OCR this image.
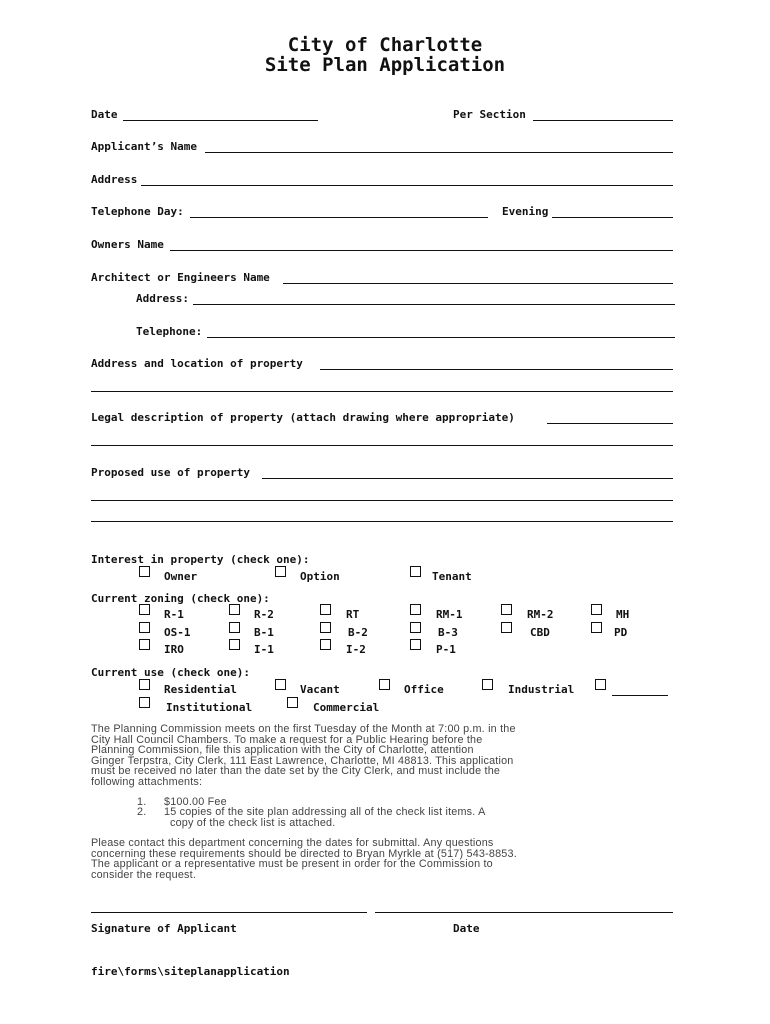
City of Charlotte
Site Plan Application
Date	Per Section
Applicant’s Name
Address
Telephone Day:	Evening
Owners Name
Architect or Engineers Name
Address:
Telephone:
Address and location of property
Legal description of property (attach drawing where appropriate)
Proposed use of property
Interest in property (check one):
Owner	Option	Tenant
Current zoning (check one):
R-1	R-2	RT	RM-1	RM-2	MH
OS-1	B-1	B-2	B-3	CBD	PD
IRO	I-1	I-2	P-1
Current use (check one):
Residential	Vacant	Office	Industrial
Institutional	Commercial
The Planning Commission meets on the first Tuesday of the Month at 7:00 p.m. in the
City Hall Council Chambers. To make a request for a Public Hearing before the
Planning Commission, file this application with the City of Charlotte, attention
Ginger Terpstra, City Clerk, 111 East Lawrence, Charlotte, MI 48813. This application
must be received no later than the date set by the City Clerk, and must include the
following attachments:
1. $100.00 Fee
2. 15 copies of the site plan addressing all of the check list items. A
copy of the check list is attached.
Please contact this department concerning the dates for submittal. Any questions
concerning these requirements should be directed to Bryan Myrkle at (517) 543-8853.
The applicant or a representative must be present in order for the Commission to
consider the request.
Signature of Applicant	Date
fire\forms\siteplanapplication
